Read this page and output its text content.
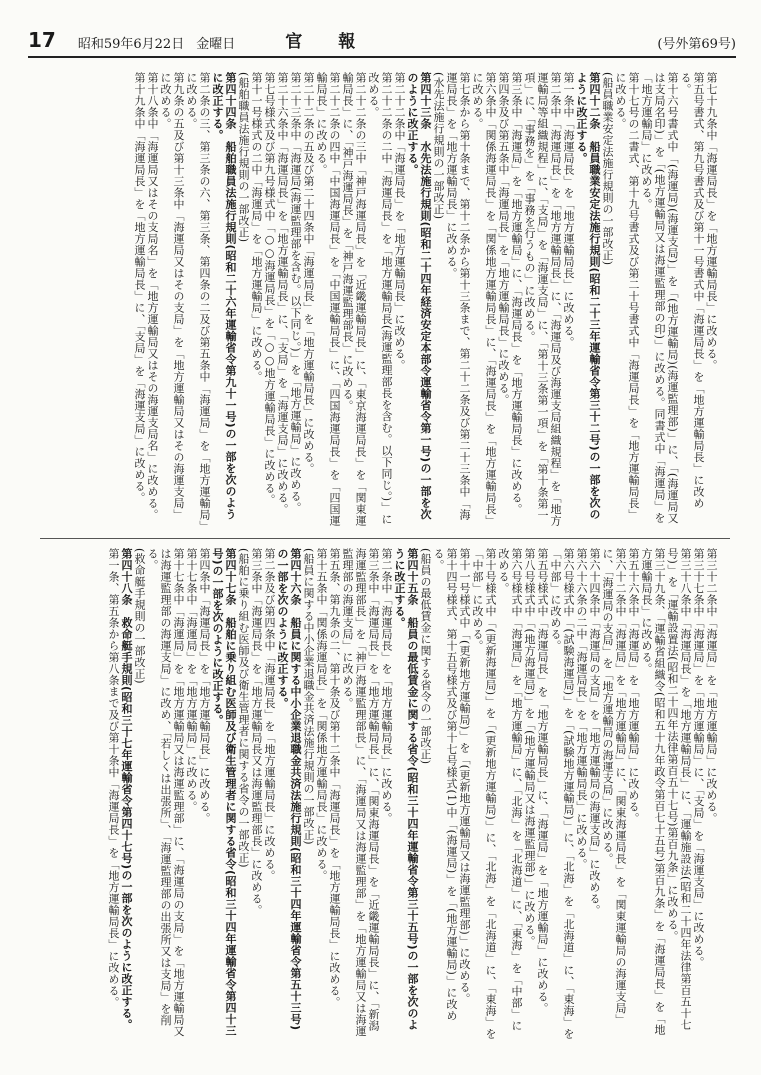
17 昭和59年6月22日 金曜日	官報	(号外第69号)

第七十九条中「海運局長」を「地方運輸局長」に改める。

第五号書式、第九号書式及び第十一号書式中「海運局長」を「地方運輸局長」に改める。

第十六号書式中「(海運局)(海運支局)」を「(地方運輸局)(海運監理部)」に、「(海運局又は支局名印)」を「(地方運輸局又は海運監理部の印)」に改める。同書式中「海運局」を「地方運輸局」に改める。

第十七号の二書式、第十九号書式及び第二十号書式中「海運局長」を「地方運輸局長」に改める。

(船員職業安定法施行規則の一部改正)

第四十二条　船員職業安定法施行規則(昭和二十三年運輸省令第三十二号)の一部を次のように改正する。

第一条中「海運局長」を「地方運輸局長」に改める。

第二条中「海運局長」を「地方運輸局長」に、「海運局及び海運支局組織規程」を「地方運輸局等組織規程」に、「支局」を「海運支局」に、「第十三条第一項」を「第十条第一項」に、「事務を」を「事務を行うもの」に改める。

第三条中「海運局」を「地方運輸局」に、「海運局長」を「地方運輸局長」に改める。

第四条及び第五条中「海運局長」を「地方運輸局長」に改める。

第六条中「関係海運局長」を「関係地方運輸局長」に、「海運局長」を「地方運輸局長」に改める。

第七条から第十条まで、第十二条から第十三条まで、第二十二条及び第二十三条中「海運局長」を「地方運輸局長」に改める。

(水先法施行規則の一部改正)

第四十三条　水先法施行規則(昭和二十四年経済安定本部令運輸省令第一号)の一部を次のように改正する。

第二十二条中「海運局長」を「地方運輸局長」に改める。

第二十二条の二中「海運局長」を「地方運輸局長(海運監理部長を含む。以下同じ。)」に改める。

第二十二条の三中「神戸海運局長」を「近畿運輸局長」に、「東京海運局長」を「関東運輸局長」に、「神戸海運局長」を「神戸海運監理部長」に改める。

第二十二条の四中「中国海運局長」を「中国運輸局長」に、「四国海運局長」を「四国運輸局長」に改める。

第二十二条の五及び第二十四条中「海運局長」を「地方運輸局長」に改める。

第二十三条中「海運局(海運監理部を含む。以下同じ。)」を「地方運輸局」に改める。

第二十六条中「海運局長」を「地方運輸局長」に、「支局」を「海運支局」に改める。

第七号様式及び第九号様式中「○○海運局長」を「○○地方運輸局長」に改める。

第十一号様式の二中「海運局」を「地方運輸局」に改める。

(船舶職員法施行規則の一部改正)

第四十四条　船舶職員法施行規則(昭和二十六年運輸省令第九十一号)の一部を次のように改正する。

第二条の三、第三条の六、第三条、第四条の二及び第五条中「海運局」を「地方運輸局」に改める。

第九条の五及び第十三条中「海運局又はその支局」を「地方運輸局又はその海運支局」に改める。

第十八条中「海運局又はその支局名」を「地方運輸局又はその海運支局名」に改める。

第十九条中「海運局長」を「地方運輸局長」に、「支局」を「海運支局」に改める。

第三十二条中「海運局」を「地方運輸局」に改める。

第三十七条中「海運局」を「地方運輸局」に、「支局」を「海運支局」に改める。

第三十八条中「海運局長」を「地方運輸局長」に、「運輸施設法(昭和二十四年法律第百五十七号)」を「運輸設置法(昭和二十四年法律第百五十七号)第百九条」に改める。

第三十九条、「運輸省組織令(昭和五十九年政令第百七十五号)第百九条」を「海運局長」を「地方運輸局長」に改める。

第五十六条中「海運局」を「地方運輸局」に改める。

第六十二条中「海運局」を「地方運輸局」に、「関東海運局長」を「関東運輸局の海運支局」に、「海運局の支局」を「地方運輸局の海運支局」に改める。

第六十四条中「海運局の支局」を「地方運輸局の海運支局」に改める。

第六十六条の二中「海運局長」を「地方運輸局長」に改める。

第六号様式中「(試験海運局)」を「(試験地方運輸局)」に、「北海」を「北海道」に、「東海」を「中部」に改める。

第五号様式中「海運局長」を「地方運輸局長」に、「海運局」を「地方運輸局」に改める。

第八号様式中「(地方海運局)」を「(地方運輸局又は海運監理部)」に改める。

第六号様式中「海運局」を「地方運輸局」に、「北海」を「北海道」に、「東海」を「中部」に改める。

第十号様式中「(更新海運局)」を「(更新地方運輸局)」に、「北海」を「北海道」に、「東海」を「中部」に改める。

第十一号様式中「(更新地方運輸局)」を「(更新地方運輸局又は海運監理部)」に改める。

第十四号様式、第十五号様式及び第十七号様式(1)中「(海運局)」を「(地方運輸局)」に改める。

(船員の最低賃金に関する省令の一部改正)

第四十五条　船員の最低賃金に関する省令(昭和三十四年運輸省令第三十五号)の一部を次のように改正する。

第二条中「海運局長」を「地方運輸局長」に改める。

第三条中「海運局長」を「地方運輸局長」に、「関東海運局長」を「近畿運輸局長」に、「新潟海運監理部長」を「神戸海運監理部長」に、「海運局又は海運監理部」を「地方運輸局又は海運監理部の海運支局」に改める。

第五条、第九条の二、第十条及び第十二条中「海運局長」を「地方運輸局長」に改める。

第十五条中「関係海運局長」を「関係地方運輸局長」に改める。

(船員に関する中小企業退職金共済法施行規則の一部改正)

第四十六条　船員に関する中小企業退職金共済法施行規則(昭和三十四年運輸省令第五十三号)の一部を次のように改正する。

第二条及び第四条中「海運局長」を「地方運輸局長」に改める。

第三条中「海運局長」を「地方運輸局長又は海運監理部長」に改める。

(船舶に乗り組む医師及び衛生管理者に関する省令の一部改正)

第四十七条　船舶に乗り組む医師及び衛生管理者に関する省令(昭和三十四年運輸省令第四十三号)の一部を次のように改正する。

第四条中「海運局長」を「地方運輸局長」に改める。

第十七条中「海運局」を「地方運輸局」に改める。

第十七条中「海運局」を「地方運輸局又は海運監理部」に、「海運局の支局」を「地方運輸局又は海運監理部の海運支局」に改め、「若しくは出張所」、「海運監理部の出張所又は支局」を削る。

(救命艇手規則の一部改正)

第四十八条　救命艇手規則(昭和三十七年運輸省令第四十七号)の一部を次のように改正する。

第一条、第五条から第八条まで及び第十条中「海運局長」を「地方運輸局長」に改める。
